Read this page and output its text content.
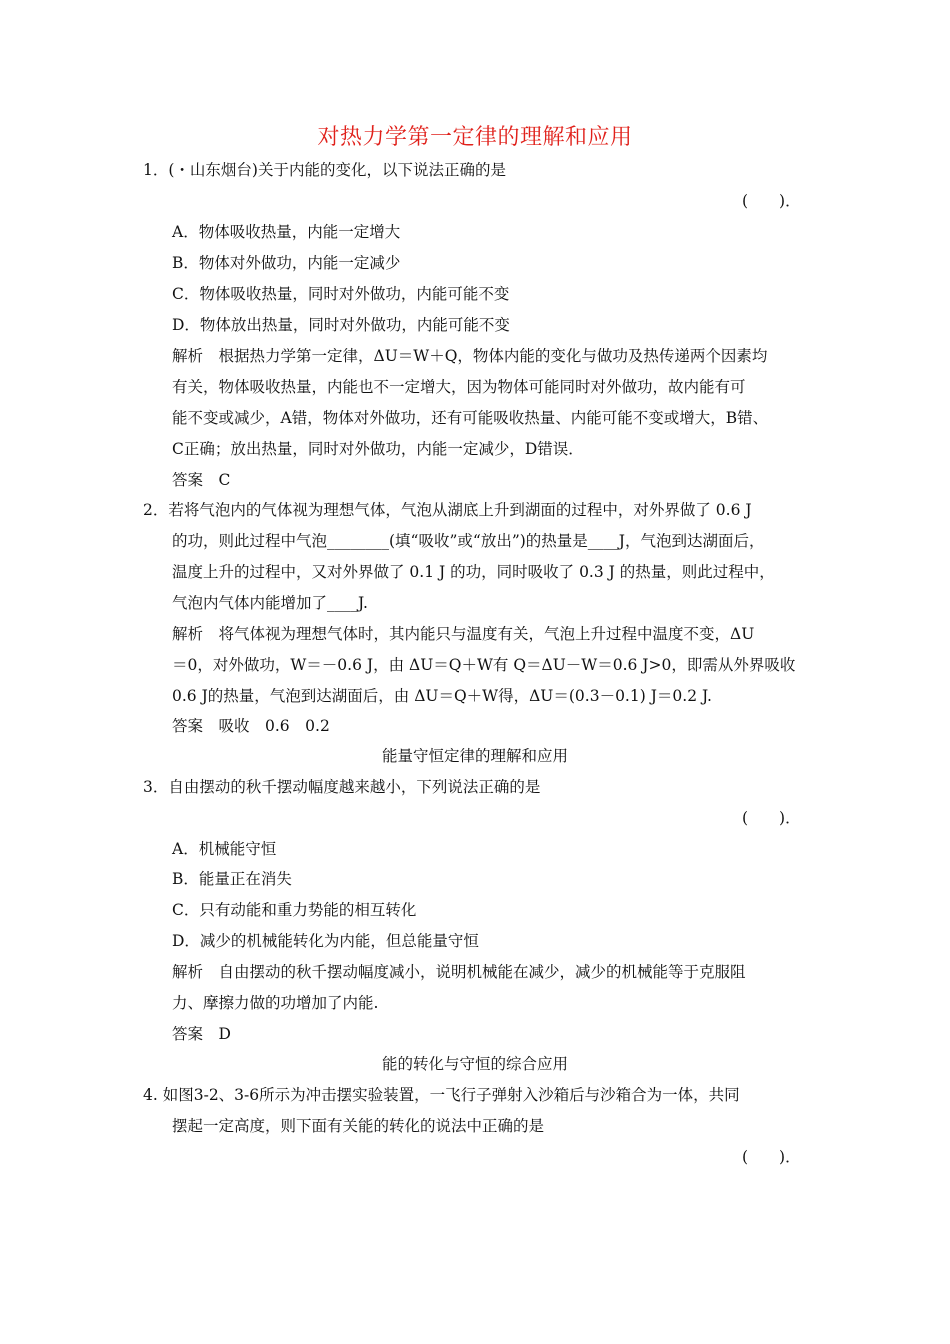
对热力学第一定律的理解和应用
1．(・山东烟台)关于内能的变化，以下说法正确的是
(　　)．
A．物体吸收热量，内能一定增大
B．物体对外做功，内能一定减少
C．物体吸收热量，同时对外做功，内能可能不变
D．物体放出热量，同时对外做功，内能可能不变
解析　根据热力学第一定律，ΔU＝W＋Q，物体内能的变化与做功及热传递两个因素均
有关，物体吸收热量，内能也不一定增大，因为物体可能同时对外做功，故内能有可
能不变或减少，A错，物体对外做功，还有可能吸收热量、内能可能不变或增大，B错、
C正确；放出热量，同时对外做功，内能一定减少，D错误．
答案　C
2．若将气泡内的气体视为理想气体，气泡从湖底上升到湖面的过程中，对外界做了 0.6 J
的功，则此过程中气泡________(填“吸收”或“放出”)的热量是____J，气泡到达湖面后，
温度上升的过程中，又对外界做了 0.1 J 的功，同时吸收了 0.3 J 的热量，则此过程中，
气泡内气体内能增加了____J.
解析　将气体视为理想气体时，其内能只与温度有关，气泡上升过程中温度不变，ΔU
＝0，对外做功，W＝－0.6 J，由 ΔU＝Q＋W有 Q＝ΔU－W＝0.6 J>0，即需从外界吸收
0.6 J的热量，气泡到达湖面后，由 ΔU＝Q＋W得，ΔU＝(0.3－0.1) J＝0.2 J.
答案　吸收　0.6　0.2
能量守恒定律的理解和应用
3．自由摆动的秋千摆动幅度越来越小，下列说法正确的是
(　　)．
A．机械能守恒
B．能量正在消失
C．只有动能和重力势能的相互转化
D．减少的机械能转化为内能，但总能量守恒
解析　自由摆动的秋千摆动幅度减小，说明机械能在减少，减少的机械能等于克服阻
力、摩擦力做的功增加了内能.
答案　D
能的转化与守恒的综合应用
4. 如图3-2、3-6所示为冲击摆实验装置，一飞行子弹射入沙箱后与沙箱合为一体，共同
摆起一定高度，则下面有关能的转化的说法中正确的是
(　　)．
